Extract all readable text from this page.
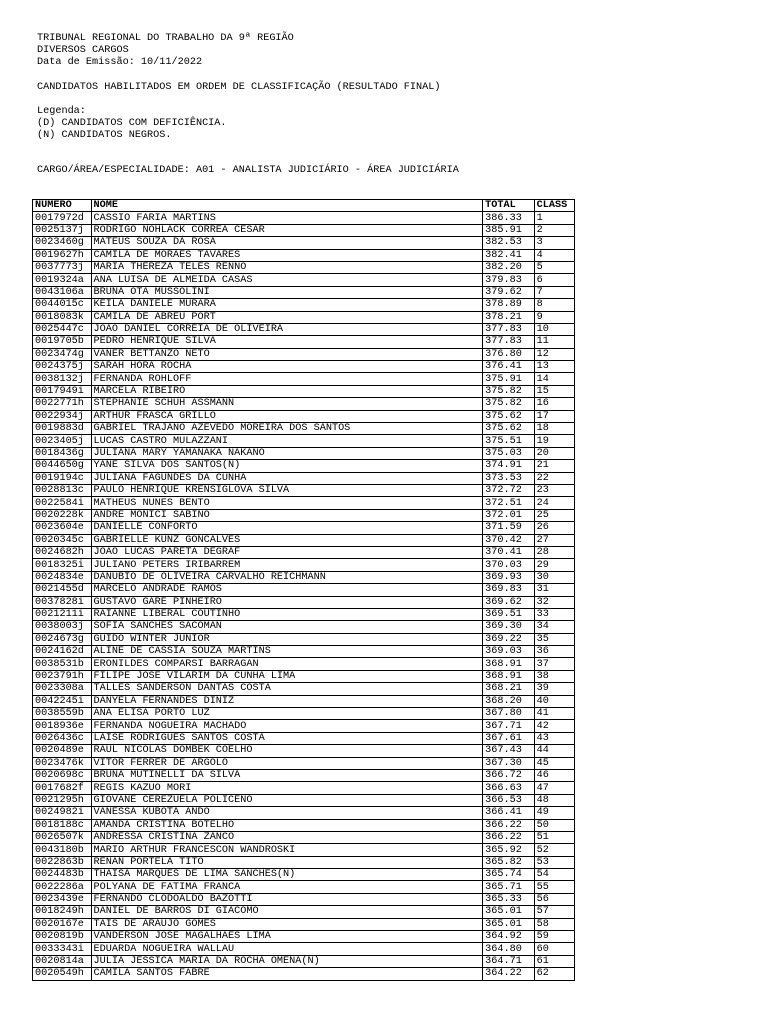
TRIBUNAL REGIONAL DO TRABALHO DA 9ª REGIÃO
DIVERSOS CARGOS
Data de Emissão: 10/11/2022
CANDIDATOS HABILITADOS EM ORDEM DE CLASSIFICAÇÃO (RESULTADO FINAL)
Legenda:
(D) CANDIDATOS COM DEFICIÊNCIA.
(N) CANDIDATOS NEGROS.
CARGO/ÁREA/ESPECIALIDADE: A01 - ANALISTA JUDICIÁRIO - ÁREA JUDICIÁRIA
NUMERO	NOME	TOTAL	CLASS
0017972d	CASSIO FARIA MARTINS	386.33	1
0025137j	RODRIGO NOHLACK CORREA CESAR	385.91	2
0023460g	MATEUS SOUZA DA ROSA	382.53	3
0019627h	CAMILA DE MORAES TAVARES	382.41	4
0037773j	MARIA THEREZA TELES RENNO	382.20	5
0019324a	ANA LUISA DE ALMEIDA CASAS	379.83	6
0043106a	BRUNA OTA MUSSOLINI	379.62	7
0044015c	KEILA DANIELE MURARA	378.89	8
0018083k	CAMILA DE ABREU PORT	378.21	9
0025447c	JOAO DANIEL CORREIA DE OLIVEIRA	377.83	10
0019705b	PEDRO HENRIQUE SILVA	377.83	11
0023474g	VANER BETTANZO NETO	376.80	12
0024375j	SARAH HORA ROCHA	376.41	13
0038132j	FERNANDA ROHLOFF	375.91	14
0017949i	MARCELA RIBEIRO	375.82	15
0022771h	STEPHANIE SCHUH ASSMANN	375.82	16
0022934j	ARTHUR FRASCA GRILLO	375.62	17
0019883d	GABRIEL TRAJANO AZEVEDO MOREIRA DOS SANTOS	375.62	18
0023405j	LUCAS CASTRO MULAZZANI	375.51	19
0018436g	JULIANA MARY YAMANAKA NAKANO	375.03	20
0044650g	YANE SILVA DOS SANTOS(N)	374.91	21
0019194c	JULIANA FAGUNDES DA CUNHA	373.53	22
0028813c	PAULO HENRIQUE KRENSIGLOVA SILVA	372.72	23
0022584i	MATHEUS NUNES BENTO	372.51	24
0020228k	ANDRE MONICI SABINO	372.01	25
0023604e	DANIELLE CONFORTO	371.59	26
0020345c	GABRIELLE KUNZ GONCALVES	370.42	27
0024682h	JOAO LUCAS PARETA DEGRAF	370.41	28
0018325i	JULIANO PETERS IRIBARREM	370.03	29
0024834e	DANUBIO DE OLIVEIRA CARVALHO REICHMANN	369.93	30
0021455d	MARCELO ANDRADE RAMOS	369.83	31
0037828i	GUSTAVO GARE PINHEIRO	369.62	32
0021211i	RAIANNE LIBERAL COUTINHO	369.51	33
0038003j	SOFIA SANCHES SACOMAN	369.30	34
0024673g	GUIDO WINTER JUNIOR	369.22	35
0024162d	ALINE DE CASSIA SOUZA MARTINS	369.03	36
0038531b	ERONILDES COMPARSI BARRAGAN	368.91	37
0023791h	FILIPE JOSE VILARIM DA CUNHA LIMA	368.91	38
0023308a	TALLES SANDERSON DANTAS COSTA	368.21	39
0042245i	DANYELA FERNANDES DINIZ	368.20	40
0038559b	ANA ELISA PORTO LUZ	367.80	41
0018936e	FERNANDA NOGUEIRA MACHADO	367.71	42
0026436c	LAISE RODRIGUES SANTOS COSTA	367.61	43
0020489e	RAUL NICOLAS DOMBEK COELHO	367.43	44
0023476k	VITOR FERRER DE ARGOLO	367.30	45
0020698c	BRUNA MUTINELLI DA SILVA	366.72	46
0017682f	REGIS KAZUO MORI	366.63	47
0021295h	GIOVANE CEREZUELA POLICENO	366.53	48
0024982i	VANESSA KUBOTA ANDO	366.41	49
0018188c	AMANDA CRISTINA BOTELHO	366.22	50
0026507k	ANDRESSA CRISTINA ZANCO	366.22	51
0043180b	MARIO ARTHUR FRANCESCON WANDROSKI	365.92	52
0022863b	RENAN PORTELA TITO	365.82	53
0024483b	THAISA MARQUES DE LIMA SANCHES(N)	365.74	54
0022286a	POLYANA DE FATIMA FRANCA	365.71	55
0023439e	FERNANDO CLODOALDO BAZOTTI	365.33	56
0018249h	DANIEL DE BARROS DI GIACOMO	365.01	57
0020167e	TAIS DE ARAUJO GOMES	365.01	58
0020819b	VANDERSON JOSE MAGALHAES LIMA	364.92	59
0033343i	EDUARDA NOGUEIRA WALLAU	364.80	60
0020814a	JULIA JESSICA MARIA DA ROCHA OMENA(N)	364.71	61
0020549h	CAMILA SANTOS FABRE	364.22	62
